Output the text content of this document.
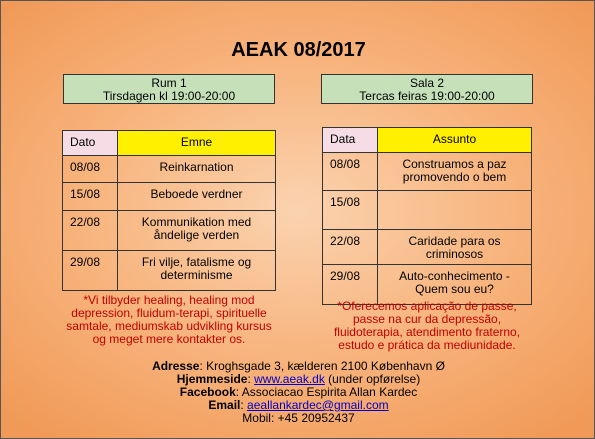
AEAK 08/2017
Rum 1
Tirsdagen kl 19:00-20:00
Sala 2
Tercas feiras 19:00-20:00
Dato	Emne

08/08	Reinkarnation

15/08	Beboede verdner

22/08	Kommunikation med åndelige verden

29/08	Fri vilje, fatalisme og determinisme
Data	Assunto

08/08	Construamos a paz promovendo o bem

15/08	

22/08	Caridade para os criminosos

29/08	Auto-conhecimento - Quem sou eu?
*Vi tilbyder healing, healing mod depression, fluidum-terapi, spirituelle samtale, mediumskab udvikling kursus og meget mere kontakter os.
*Oferecemos aplicação de passe, passe na cur da depressão, fluidoterapia, atendimento fraterno, estudo e prática da mediunidade.
Adresse: Kroghsgade 3, kælderen 2100 København Ø
Hjemmeside: www.aeak.dk (under opførelse)
Facebook: Associacao Espirita Allan Kardec
Email: aeallankardec@gmail.com
Mobil: +45 20952437
